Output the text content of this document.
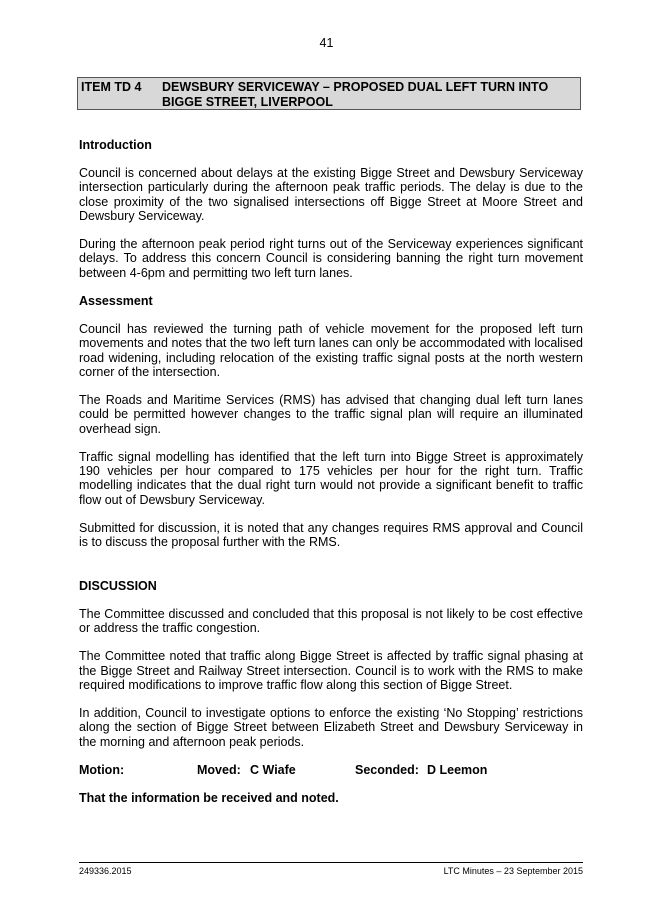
41
ITEM TD 4 DEWSBURY SERVICEWAY – PROPOSED DUAL LEFT TURN INTO BIGGE STREET, LIVERPOOL
Introduction

Council is concerned about delays at the existing Bigge Street and Dewsbury Serviceway intersection particularly during the afternoon peak traffic periods. The delay is due to the close proximity of the two signalised intersections off Bigge Street at Moore Street and Dewsbury Serviceway.

During the afternoon peak period right turns out of the Serviceway experiences significant delays. To address this concern Council is considering banning the right turn movement between 4-6pm and permitting two left turn lanes.

Assessment

Council has reviewed the turning path of vehicle movement for the proposed left turn movements and notes that the two left turn lanes can only be accommodated with localised road widening, including relocation of the existing traffic signal posts at the north western corner of the intersection.

The Roads and Maritime Services (RMS) has advised that changing dual left turn lanes could be permitted however changes to the traffic signal plan will require an illuminated overhead sign.

Traffic signal modelling has identified that the left turn into Bigge Street is approximately 190 vehicles per hour compared to 175 vehicles per hour for the right turn. Traffic modelling indicates that the dual right turn would not provide a significant benefit to traffic flow out of Dewsbury Serviceway.

Submitted for discussion, it is noted that any changes requires RMS approval and Council is to discuss the proposal further with the RMS.

DISCUSSION

The Committee discussed and concluded that this proposal is not likely to be cost effective or address the traffic congestion.

The Committee noted that traffic along Bigge Street is affected by traffic signal phasing at the Bigge Street and Railway Street intersection. Council is to work with the RMS to make required modifications to improve traffic flow along this section of Bigge Street.

In addition, Council to investigate options to enforce the existing ‘No Stopping’ restrictions along the section of Bigge Street between Elizabeth Street and Dewsbury Serviceway in the morning and afternoon peak periods.

Motion:	Moved: C Wiafe	Seconded: D Leemon
That the information be received and noted.
249336.2015	LTC Minutes – 23 September 2015
